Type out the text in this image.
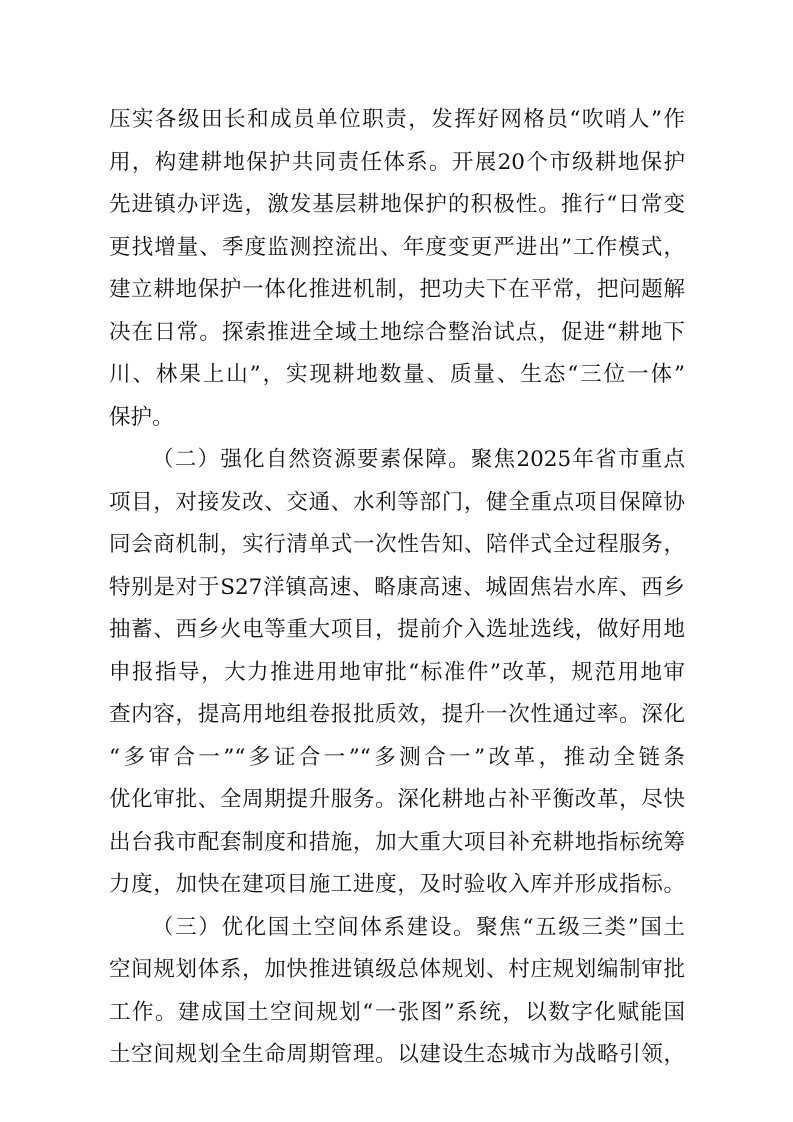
压实各级田长和成员单位职责，发挥好网格员“吹哨人”作
用，构建耕地保护共同责任体系。开展20个市级耕地保护
先进镇办评选，激发基层耕地保护的积极性。推行“日常变
更找增量、季度监测控流出、年度变更严进出”工作模式，
建立耕地保护一体化推进机制，把功夫下在平常，把问题解
决在日常。探索推进全域土地综合整治试点，促进“耕地下
川、林果上山”，实现耕地数量、质量、生态“三位一体”
保护。
（二）强化自然资源要素保障。聚焦2025年省市重点
项目，对接发改、交通、水利等部门，健全重点项目保障协
同会商机制，实行清单式一次性告知、陪伴式全过程服务，
特别是对于S27洋镇高速、略康高速、城固焦岩水库、西乡
抽蓄、西乡火电等重大项目，提前介入选址选线，做好用地
申报指导，大力推进用地审批“标准件”改革，规范用地审
查内容，提高用地组卷报批质效，提升一次性通过率。深化
“多审合一”“多证合一”“多测合一”改革，推动全链条
优化审批、全周期提升服务。深化耕地占补平衡改革，尽快
出台我市配套制度和措施，加大重大项目补充耕地指标统筹
力度，加快在建项目施工进度，及时验收入库并形成指标。
（三）优化国土空间体系建设。聚焦“五级三类”国土
空间规划体系，加快推进镇级总体规划、村庄规划编制审批
工作。建成国土空间规划“一张图”系统，以数字化赋能国
土空间规划全生命周期管理。以建设生态城市为战略引领，
